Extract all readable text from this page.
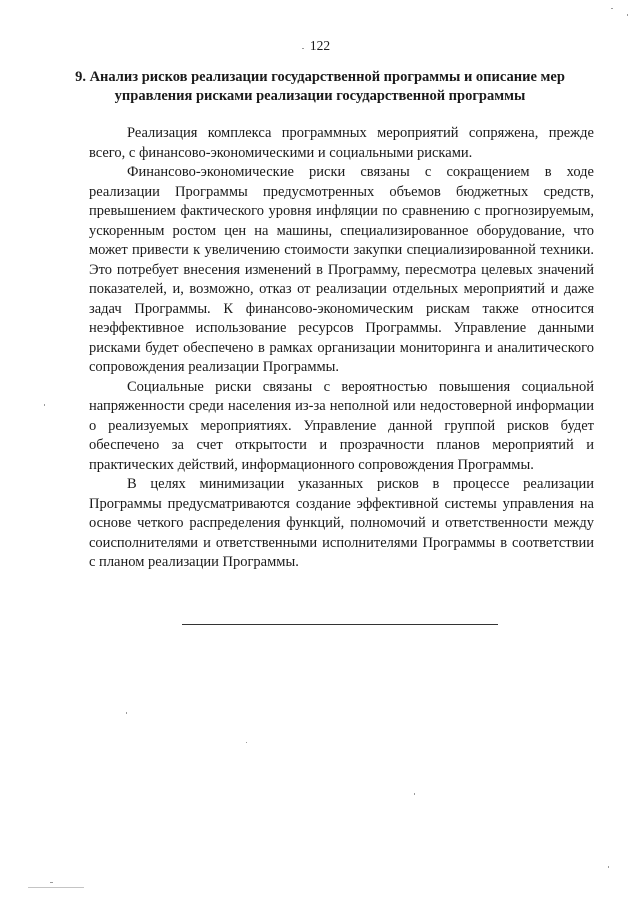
122
9. Анализ рисков реализации государственной программы и описание мер управления рисками реализации государственной программы

Реализация комплекса программных мероприятий сопряжена, прежде всего, с финансово-экономическими и социальными рисками.

Финансово-экономические риски связаны с сокращением в ходе реализации Программы предусмотренных объемов бюджетных средств, превышением фактического уровня инфляции по сравнению с прогнозируемым, ускоренным ростом цен на машины, специализированное оборудование, что может привести к увеличению стоимости закупки специализированной техники. Это потребует внесения изменений в Программу, пересмотра целевых значений показателей, и, возможно, отказ от реализации отдельных мероприятий и даже задач Программы. К финансово-экономическим рискам также относится неэффективное использование ресурсов Программы. Управление данными рисками будет обеспечено в рамках организации мониторинга и аналитического сопровождения реализации Программы.

Социальные риски связаны с вероятностью повышения социальной напряженности среди населения из-за неполной или недостоверной информации о реализуемых мероприятиях. Управление данной группой рисков будет обеспечено за счет открытости и прозрачности планов мероприятий и практических действий, информационного сопровождения Программы.

В целях минимизации указанных рисков в процессе реализации Программы предусматриваются создание эффективной системы управления на основе четкого распределения функций, полномочий и ответственности между соисполнителями и ответственными исполнителями Программы в соответствии с планом реализации Программы.
